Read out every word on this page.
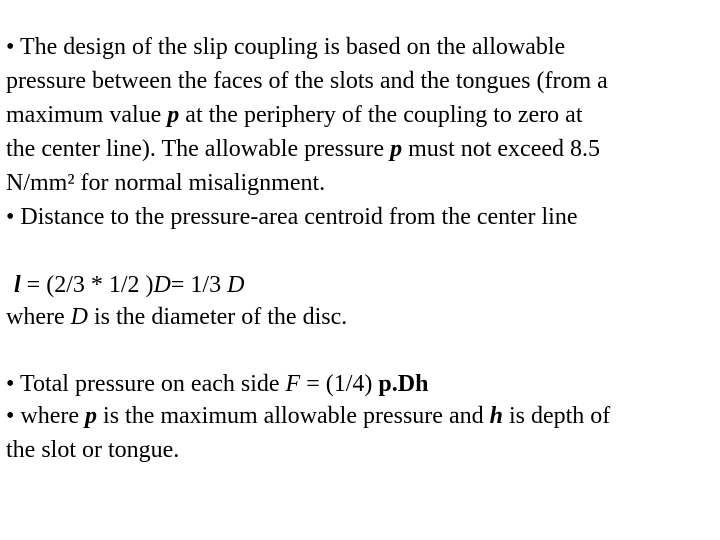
• The design of the slip coupling is based on the allowable
pressure between the faces of the slots and the tongues (from a
maximum value p at the periphery of the coupling to zero at
the center line). The allowable pressure p must not exceed 8.5
N/mm² for normal misalignment.
• Distance to the pressure-area centroid from the center line
l = (2/3 * 1/2 )D= 1/3 D
where D is the diameter of the disc.
• Total pressure on each side F = (1/4) p.Dh
• where p is the maximum allowable pressure and h is depth of
the slot or tongue.
